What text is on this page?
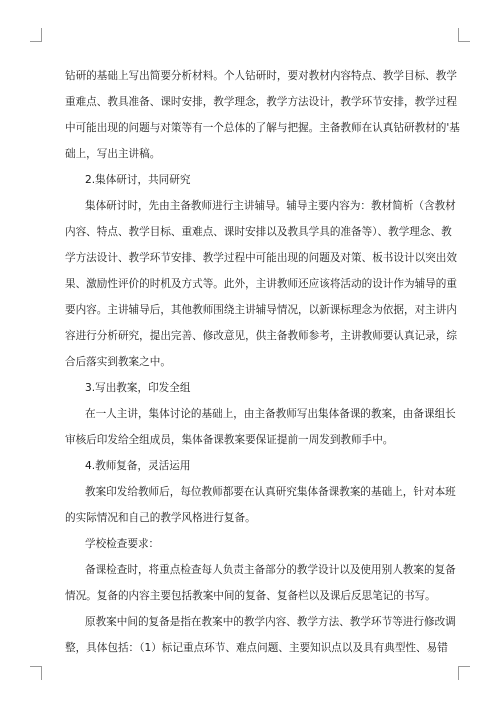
钻研的基础上写出简要分析材料。个人钻研时，要对教材内容特点、教学目标、教学
重难点、教具准备、课时安排，教学理念，教学方法设计，教学环节安排，教学过程
中可能出现的问题与对策等有一个总体的了解与把握。主备教师在认真钻研教材的'基
础上，写出主讲稿。
2.集体研讨，共同研究
集体研讨时，先由主备教师进行主讲辅导。辅导主要内容为：教材简析（含教材
内容、特点、教学目标、重难点、课时安排以及教具学具的准备等）、教学理念、教
学方法设计、教学环节安排、教学过程中可能出现的问题及对策、板书设计以突出效
果、激励性评价的时机及方式等。此外，主讲教师还应该将活动的设计作为辅导的重
要内容。主讲辅导后，其他教师围绕主讲辅导情况，以新课标理念为依据，对主讲内
容进行分析研究，提出完善、修改意见，供主备教师参考，主讲教师要认真记录，综
合后落实到教案之中。
3.写出教案，印发全组
在一人主讲，集体讨论的基础上，由主备教师写出集体备课的教案，由备课组长
审核后印发给全组成员，集体备课教案要保证提前一周发到教师手中。
4.教师复备，灵活运用
教案印发给教师后，每位教师都要在认真研究集体备课教案的基础上，针对本班
的实际情况和自己的教学风格进行复备。
学校检查要求：
备课检查时，将重点检查每人负责主备部分的教学设计以及使用别人教案的复备
情况。复备的内容主要包括教案中间的复备、复备栏以及课后反思笔记的书写。
原教案中间的复备是指在教案中的教学内容、教学方法、教学环节等进行修改调
整，具体包括：（1）标记重点环节、难点问题、主要知识点以及具有典型性、易错
